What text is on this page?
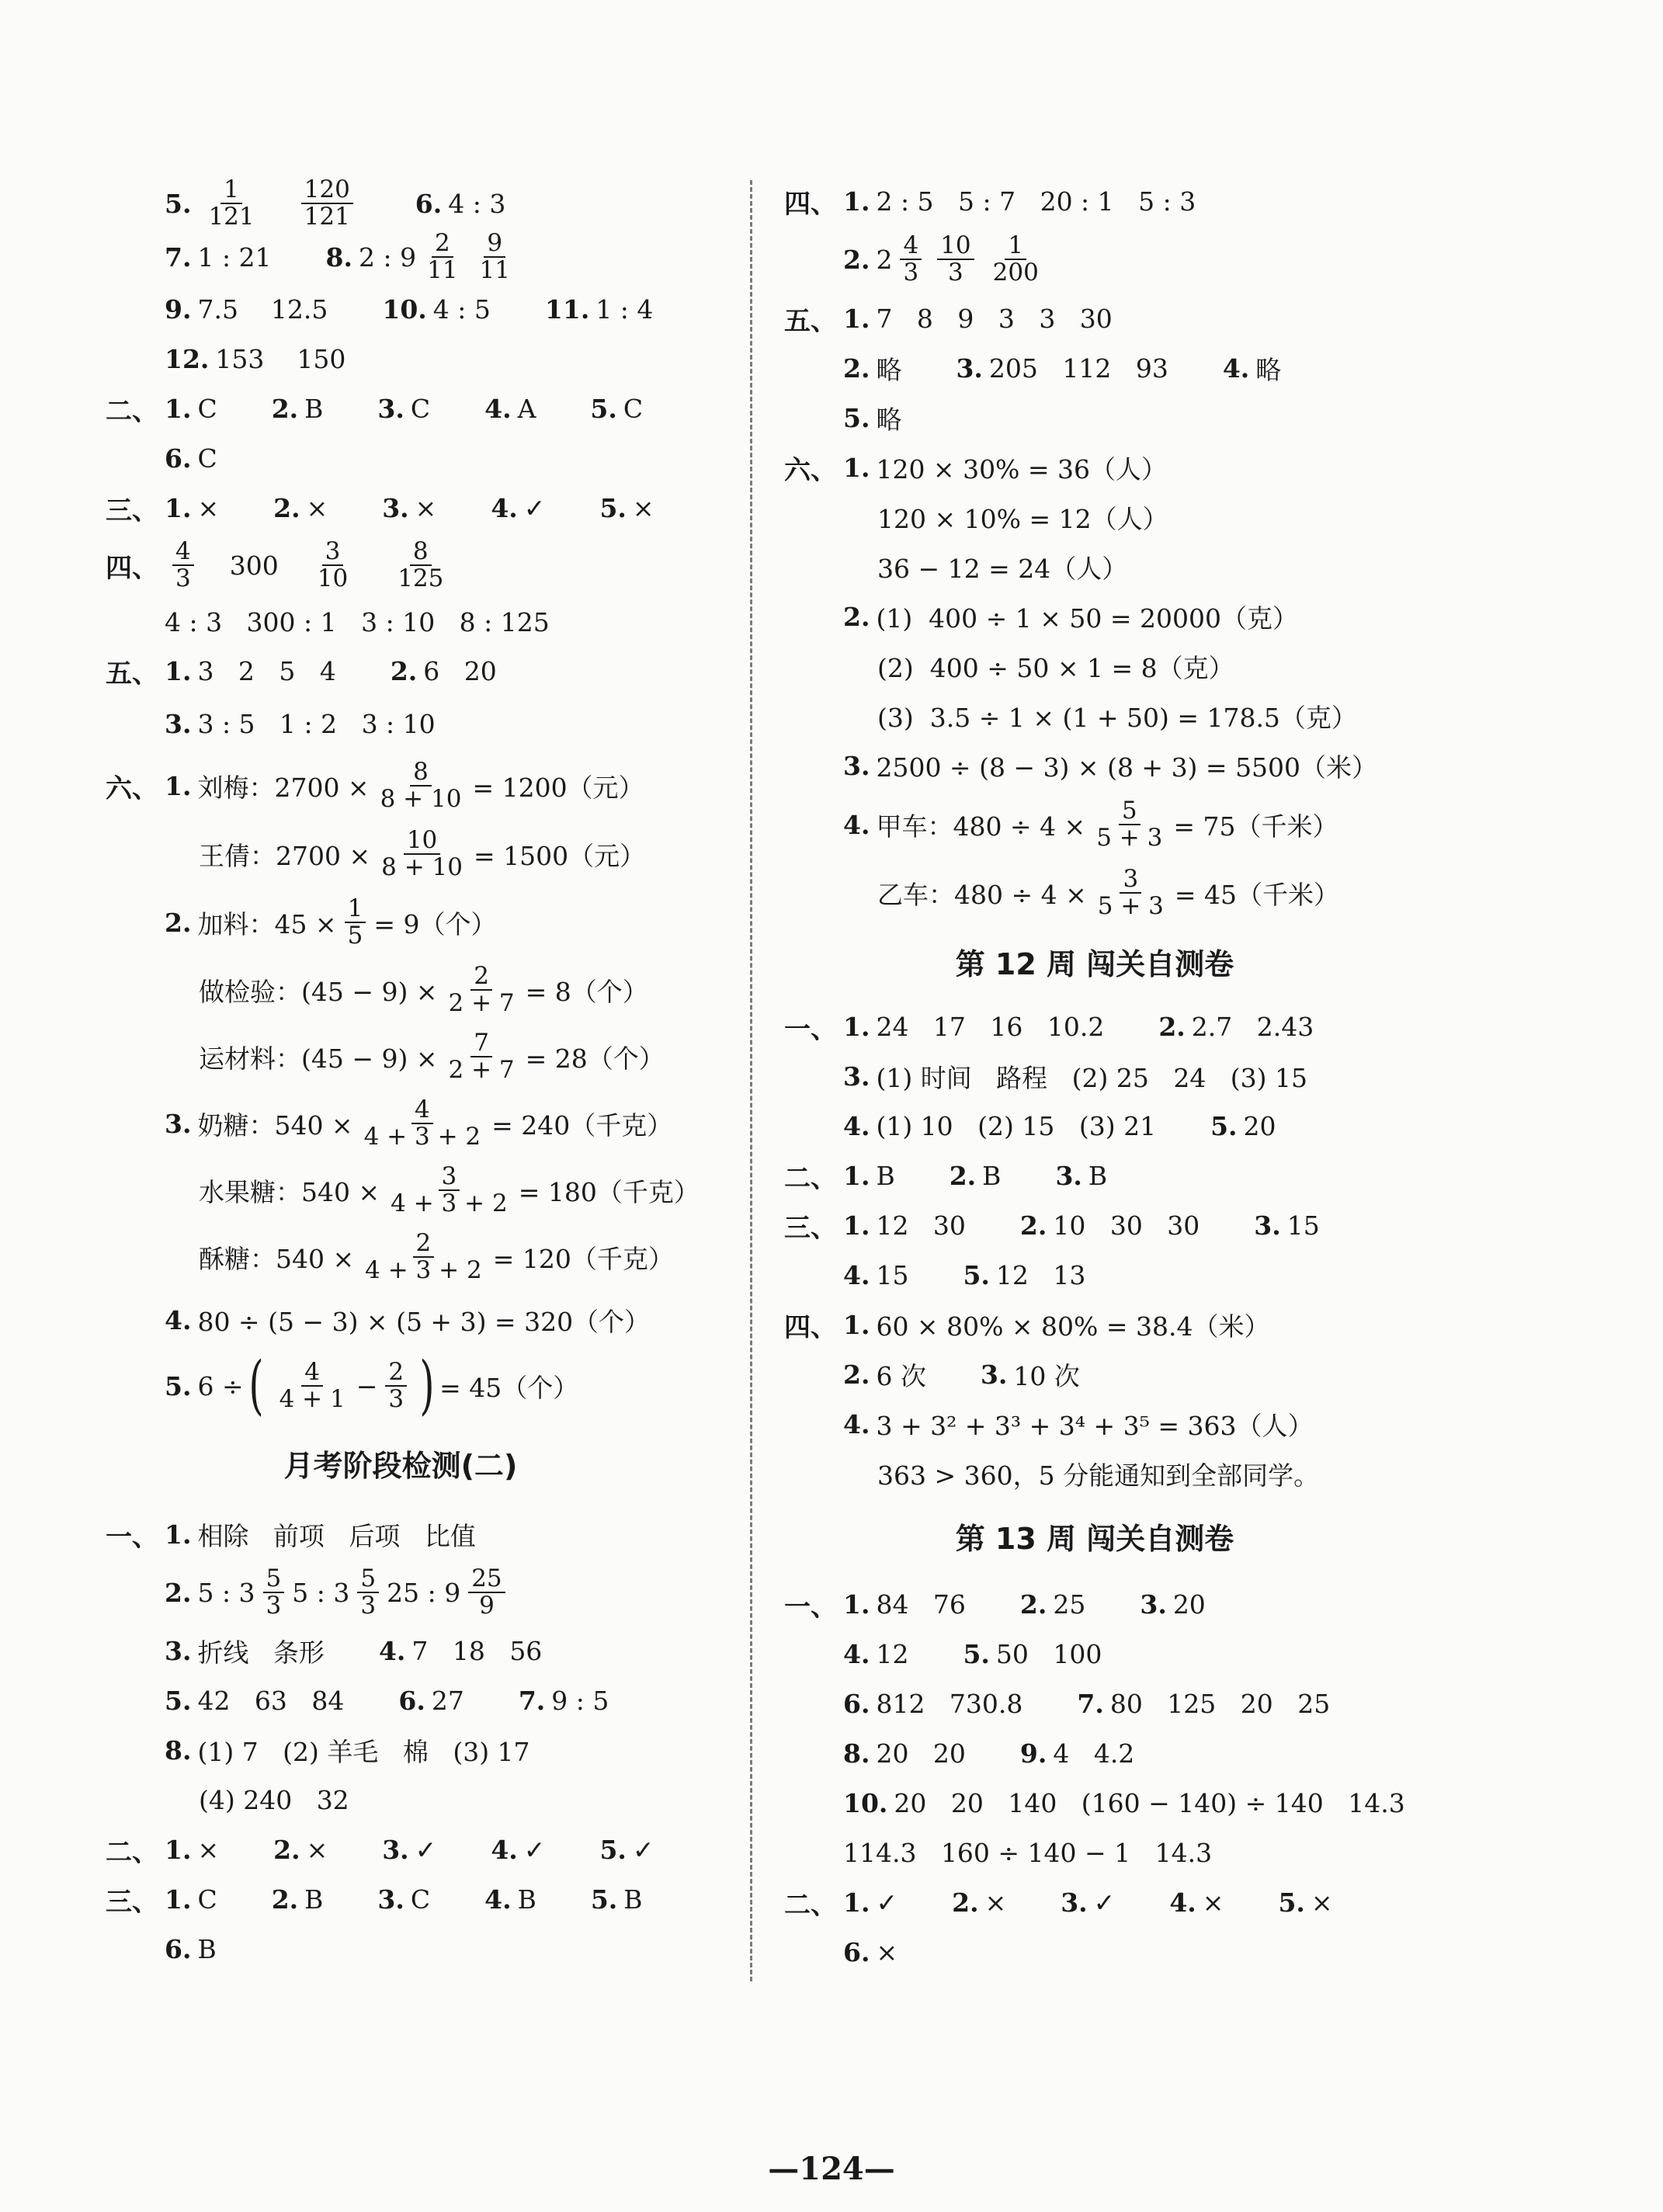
5. $\frac{1}{121} \frac{120}{121} 6$. 4 : 3
7. 1 : 21 8. 2 : $9 \frac{2}{11} \frac{9}{11}$
9. 7.5    12.5 10. 4 : 5 11. 1 : 4
12. 153    150
二、 1. C 2. B 3. C 4. A 5. C
6. C
三、 1. × 2. × 3. × 4. ✓ 5. ×
四、 $\frac{4}{3} 300 \frac{3}{10} \frac{8}{125}$
4 : 3   300 : 1   3 : 10   8 : 125
五、 1. 3   2   5   4 2. 6   20
3. 3 : 5   1 : 2   3 : 10
六、 1. 刘梅：$2700 \times \frac{8}{8 + 10} = 1200$（元）
王倩：$2700 \times \frac{10}{8 + 10} = 1500$（元）
2. 加料：$45 \times \frac{1}{5} = 9$（个）
做检验：$(45 - 9) \times \frac{2}{2 + 7} = 8$（个）
运材料：$(45 - 9) \times \frac{7}{2 + 7} = 28$（个）
3. 奶糖：$540 \times \frac{4}{4 + 3 + 2} = 240$（千克）
水果糖：$540 \times \frac{3}{4 + 3 + 2} = 180$（千克）
酥糖：$540 \times \frac{2}{4 + 3 + 2} = 120$（千克）
4. 80 ÷ (5 − 3) × (5 + 3) = 320（个）
5. 6 ÷ ( $\frac{4}{4 + 1} - \frac{2}{3}$ ) = 45（个）
月考阶段检测(二)
一、 1. 相除   前项   后项   比值
2. 5 : $3 \frac{5}{3} 5$ : $3 \frac{5}{3} 25$ : $9 \frac{25}{9}$
3. 折线   条形 4. 7   18   56
5. 42   63   84 6. 27 7. 9 : 5
8. (1) 7   (2) 羊毛   棉   (3) 17
(4) 240   32
二、 1. × 2. × 3. ✓ 4. ✓ 5. ✓
三、 1. C 2. B 3. C 4. B 5. B
6. B
四、 1. 2 : 5   5 : 7   20 : 1   5 : 3
2. $2 \frac{4}{3} \frac{10}{3} \frac{1}{200}$
五、 1. 7   8   9   3   3   30
2. 略 3. 205   112   93 4. 略
5. 略
六、 1. 120 × 30% = 36（人）
120 × 10% = 12（人）
36 − 12 = 24（人）
2. (1)  400 ÷ 1 × 50 = 20000（克）
(2)  400 ÷ 50 × 1 = 8（克）
(3)  3.5 ÷ 1 × (1 + 50) = 178.5（克）
3. 2500 ÷ (8 − 3) × (8 + 3) = 5500（米）
4. 甲车：$480 \div 4 \times \frac{5}{5 + 3} = 75$（千米）
乙车：$480 \div 4 \times \frac{3}{5 + 3} = 45$（千米）
第 12 周 闯关自测卷
一、 1. 24   17   16   10.2 2. 2.7   2.43
3. (1) 时间   路程   (2) 25   24   (3) 15
4. (1) 10   (2) 15   (3) 21 5. 20
二、 1. B 2. B 3. B
三、 1. 12   30 2. 10   30   30 3. 15
4. 15 5. 12   13
四、 1. 60 × 80% × 80% = 38.4（米）
2. 6 次 3. 10 次
4. 3 + 3² + 3³ + 3⁴ + 3⁵ = 363（人）
363 > 360，5 分能通知到全部同学。
第 13 周 闯关自测卷
一、 1. 84   76 2. 25 3. 20
4. 12 5. 50   100
6. 812   730.8 7. 80   125   20   25
8. 20   20 9. 4   4.2
10. 20   20   140   (160 − 140) ÷ 140   14.3
114.3   160 ÷ 140 − 1   14.3
二、 1. ✓ 2. × 3. ✓ 4. × 5. ×
6. ×
—124—
